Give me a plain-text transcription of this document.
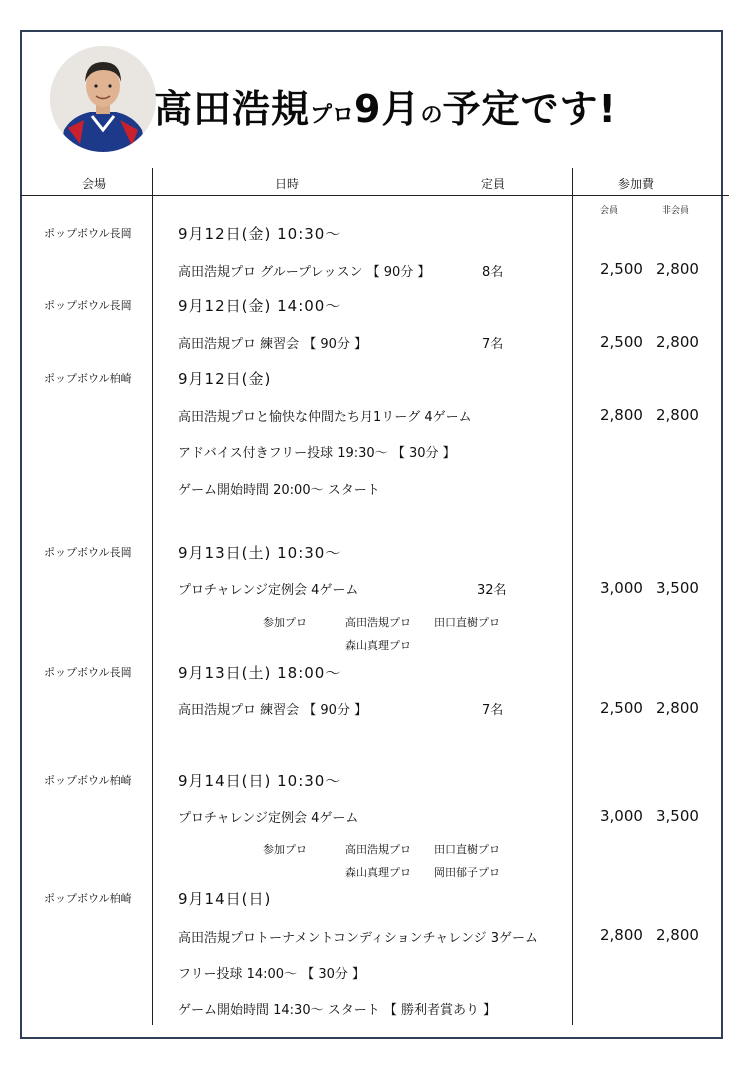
高田浩規プロ9月の予定です!
会場	日時	定員	参加費
会員	非会員
ポップボウル長岡	9月12日(金) 10:30〜
高田浩規プロ グループレッスン 【 90分 】	8名	2,500 2,800
ポップボウル長岡	9月12日(金) 14:00〜
高田浩規プロ 練習会 【 90分 】	7名	2,500 2,800
ポップボウル柏崎	9月12日(金)
高田浩規プロと愉快な仲間たち月1リーグ 4ゲーム	2,800 2,800
アドバイス付きフリー投球 19:30〜 【 30分 】
ゲーム開始時間 20:00〜 スタート
ポップボウル長岡	9月13日(土) 10:30〜
プロチャレンジ定例会 4ゲーム	32名	3,000 3,500
参加プロ	高田浩規プロ 田口直樹プロ
森山真理プロ
ポップボウル長岡	9月13日(土) 18:00〜
高田浩規プロ 練習会 【 90分 】	7名	2,500 2,800
ポップボウル柏崎	9月14日(日) 10:30〜
プロチャレンジ定例会 4ゲーム	3,000 3,500
参加プロ	高田浩規プロ 田口直樹プロ
森山真理プロ 岡田郁子プロ
ポップボウル柏崎	9月14日(日)
高田浩規プロトーナメントコンディションチャレンジ 3ゲーム	2,800 2,800
フリー投球 14:00〜 【 30分 】
ゲーム開始時間 14:30〜 スタート 【 勝利者賞あり 】
